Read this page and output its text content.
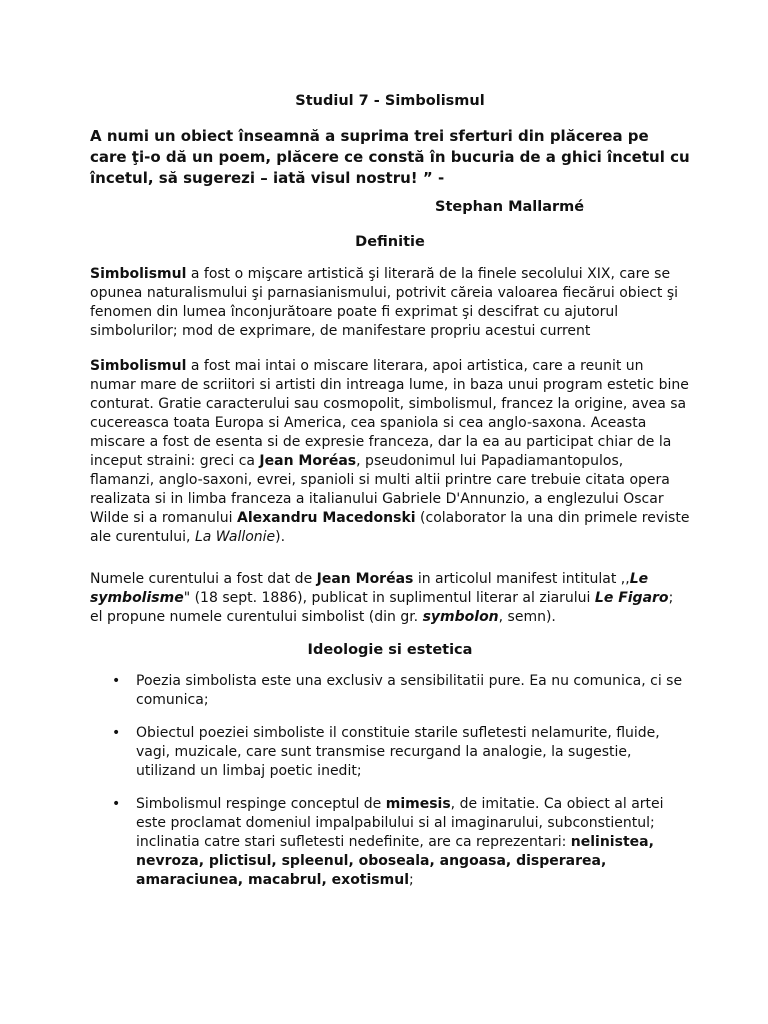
Studiul 7 - Simbolismul
A numi un obiect înseamnă a suprima trei sferturi din plăcerea pe care ţi-o dă un poem, plăcere ce constă în bucuria de a ghici încetul cu încetul, să sugerezi – iată visul nostru! ” -
Stephan Mallarmé
Definitie
Simbolismul a fost o mişcare artistică şi literară de la finele secolului XIX, care se opunea naturalismului şi parnasianismului, potrivit căreia valoarea fiecărui obiect şi fenomen din lumea înconjurătoare poate fi exprimat şi descifrat cu ajutorul simbolurilor; mod de exprimare, de manifestare propriu acestui current
Simbolismul a fost mai intai o miscare literara, apoi artistica, care a reunit un numar mare de scriitori si artisti din intreaga lume, in baza unui program estetic bine conturat. Gratie caracterului sau cosmopolit, simbolismul, francez la origine, avea sa cucereasca toata Europa si America, cea spaniola si cea anglo-saxona. Aceasta miscare a fost de esenta si de expresie franceza, dar la ea au participat chiar de la inceput straini: greci ca Jean Moréas, pseudonimul lui Papadiamantopulos, flamanzi, anglo-saxoni, evrei, spanioli si multi altii printre care trebuie citata opera realizata si in limba franceza a italianului Gabriele D'Annunzio, a englezului Oscar Wilde si a romanului Alexandru Macedonski (colaborator la una din primele reviste ale curentului, La Wallonie).
Numele curentului a fost dat de Jean Moréas in articolul manifest intitulat ,,Le symbolisme" (18 sept. 1886), publicat in suplimentul literar al ziarului Le Figaro; el propune numele curentului simbolist (din gr. symbolon, semn).
Ideologie si estetica
• Poezia simbolista este una exclusiv a sensibilitatii pure. Ea nu comunica, ci se comunica;
• Obiectul poeziei simboliste il constituie starile sufletesti nelamurite, fluide, vagi, muzicale, care sunt transmise recurgand la analogie, la sugestie, utilizand un limbaj poetic inedit;
• Simbolismul respinge conceptul de mimesis, de imitatie. Ca obiect al artei este proclamat domeniul impalpabilului si al imaginarului, subconstientul; inclinatia catre stari sufletesti nedefinite, are ca reprezentari: nelinistea, nevroza, plictisul, spleenul, oboseala, angoasa, disperarea, amaraciunea, macabrul, exotismul;
